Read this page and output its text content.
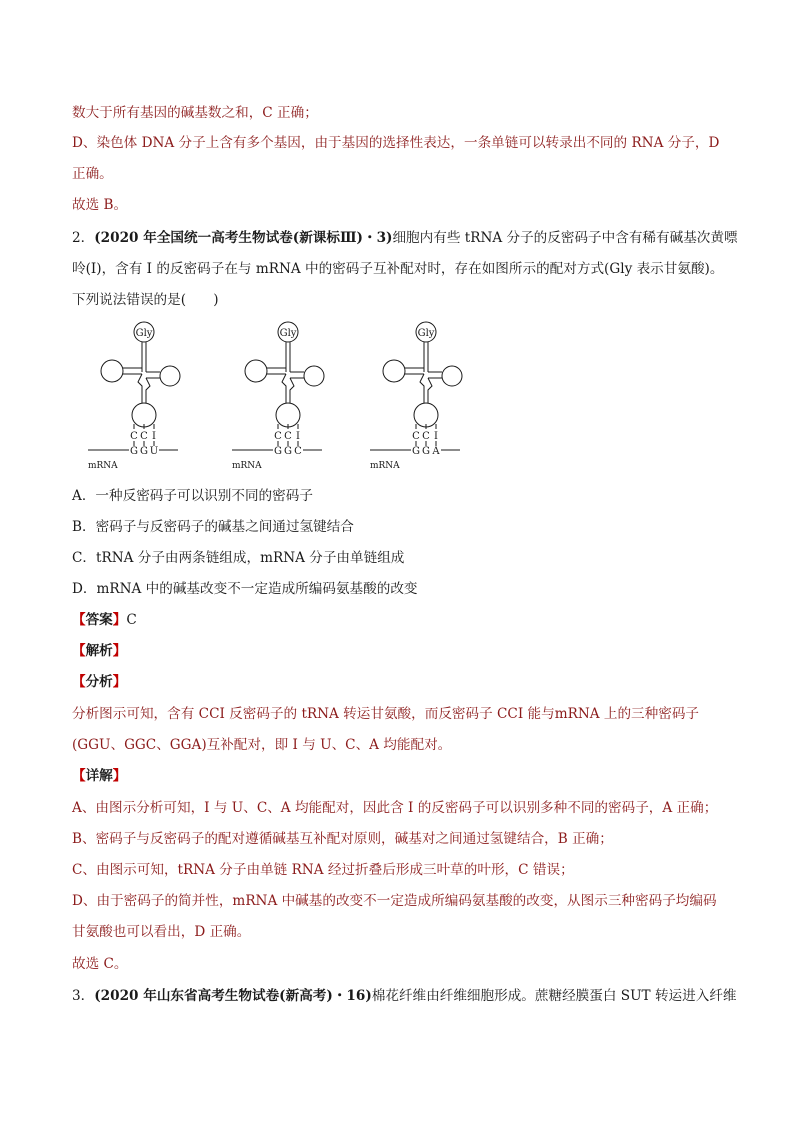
数大于所有基因的碱基数之和，C 正确；
D、染色体 DNA 分子上含有多个基因，由于基因的选择性表达，一条单链可以转录出不同的 RNA 分子，D
正确。
故选 B。
2．(2020 年全国统一高考生物试卷(新课标Ⅲ)・3)细胞内有些 tRNA 分子的反密码子中含有稀有碱基次黄嘌
呤(I)，含有 I 的反密码子在与 mRNA 中的密码子互补配对时，存在如图所示的配对方式(Gly 表示甘氨酸)。
下列说法错误的是(　　)
Gly
C
G
C
G
I
U
mRNA
Gly
C
G
C
G
I
C
mRNA
Gly
C
G
C
G
I
A
mRNA
A．一种反密码子可以识别不同的密码子
B．密码子与反密码子的碱基之间通过氢键结合
C．tRNA 分子由两条链组成，mRNA 分子由单链组成
D．mRNA 中的碱基改变不一定造成所编码氨基酸的改变
【答案】C
【解析】
【分析】
分析图示可知，含有 CCI 反密码子的 tRNA 转运甘氨酸，而反密码子 CCI 能与mRNA 上的三种密码子
(GGU、GGC、GGA)互补配对，即 I 与 U、C、A 均能配对。
【详解】
A、由图示分析可知，I 与 U、C、A 均能配对，因此含 I 的反密码子可以识别多种不同的密码子，A 正确；
B、密码子与反密码子的配对遵循碱基互补配对原则，碱基对之间通过氢键结合，B 正确；
C、由图示可知，tRNA 分子由单链 RNA 经过折叠后形成三叶草的叶形，C 错误；
D、由于密码子的简并性，mRNA 中碱基的改变不一定造成所编码氨基酸的改变，从图示三种密码子均编码
甘氨酸也可以看出，D 正确。
故选 C。
3．(2020 年山东省高考生物试卷(新高考)・16)棉花纤维由纤维细胞形成。蔗糖经膜蛋白 SUT 转运进入纤维
